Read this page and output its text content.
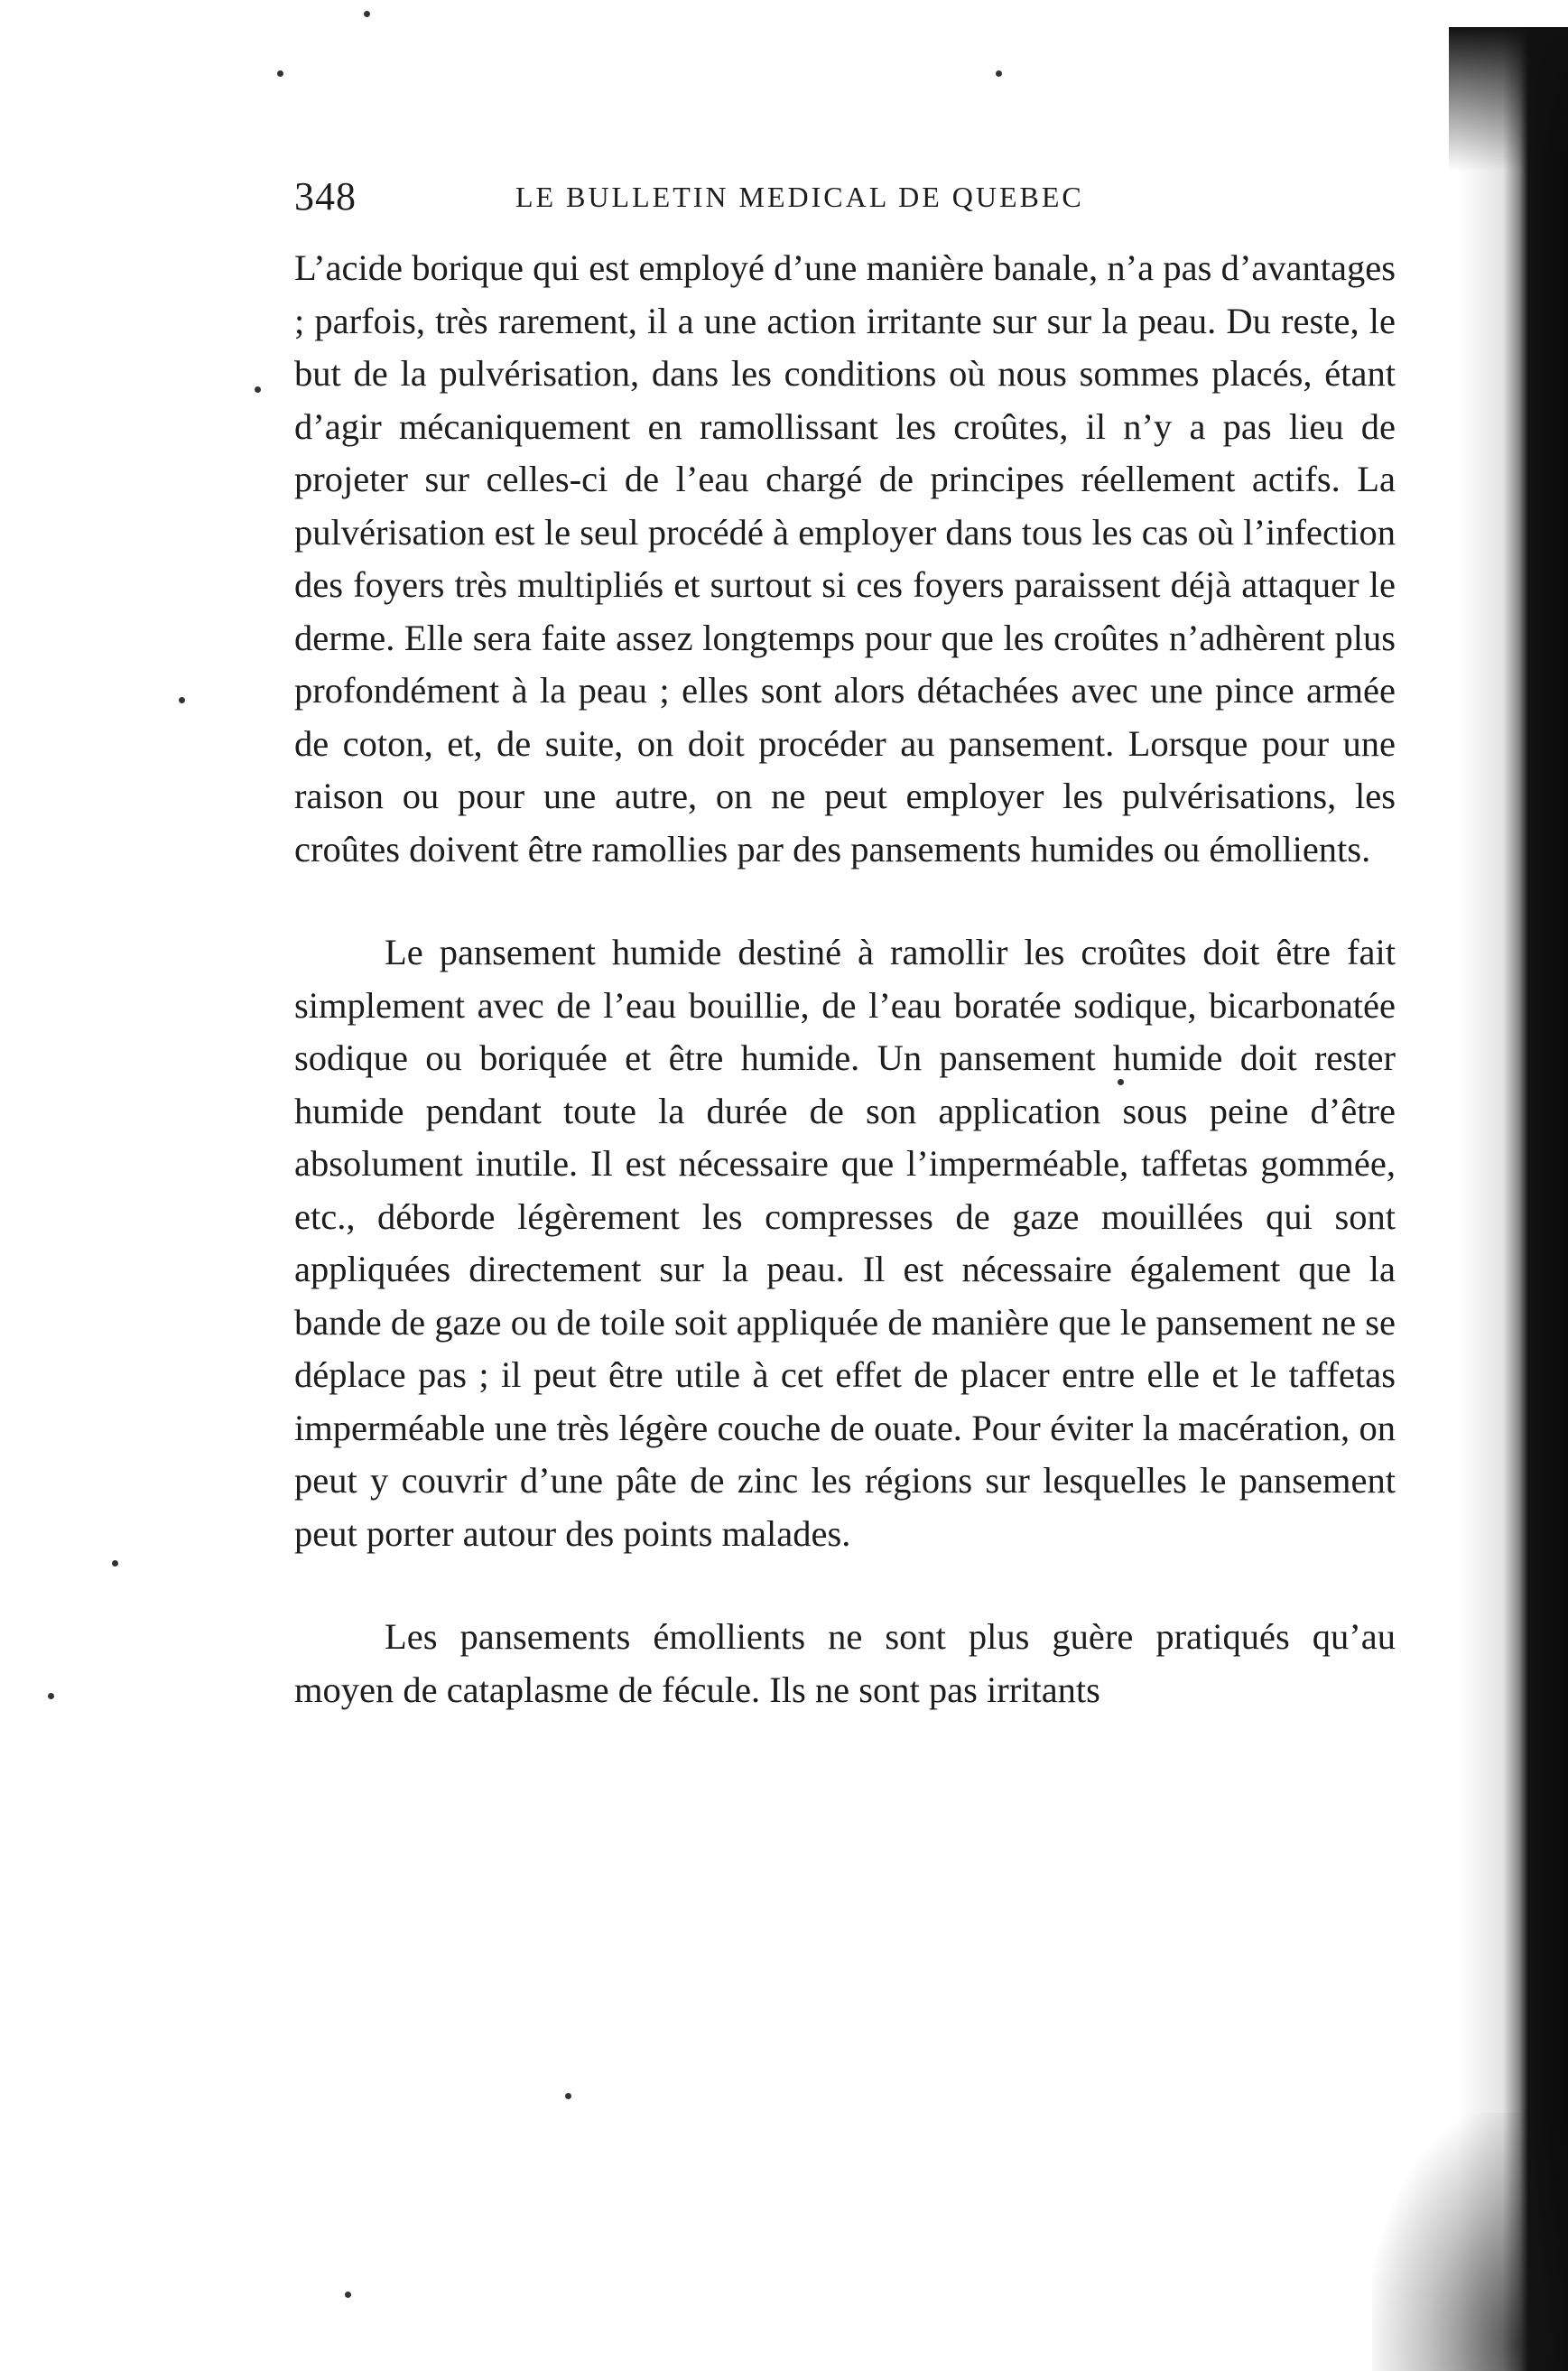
348	LE BULLETIN MEDICAL DE QUEBEC

L’acide borique qui est employé d’une manière banale, n’a pas d’avantages ; parfois, très rarement, il a une action irritante sur sur la peau. Du reste, le but de la pulvérisation, dans les conditions où nous sommes placés, étant d’agir mécaniquement en ramollissant les croûtes, il n’y a pas lieu de projeter sur celles-ci de l’eau chargé de principes réellement actifs. La pulvérisation est le seul procédé à employer dans tous les cas où l’infection des foyers très multipliés et surtout si ces foyers paraissent déjà attaquer le derme. Elle sera faite assez longtemps pour que les croûtes n’adhèrent plus profondément à la peau ; elles sont alors détachées avec une pince armée de coton, et, de suite, on doit procéder au pansement. Lorsque pour une raison ou pour une autre, on ne peut employer les pulvérisations, les croûtes doivent être ramollies par des pansements humides ou émollients.

Le pansement humide destiné à ramollir les croûtes doit être fait simplement avec de l’eau bouillie, de l’eau boratée sodique, bicarbonatée sodique ou boriquée et être humide. Un pansement humide doit rester humide pendant toute la durée de son application sous peine d’être absolument inutile. Il est nécessaire que l’imperméable, taffetas gommée, etc., déborde légèrement les compresses de gaze mouillées qui sont appliquées directement sur la peau. Il est nécessaire également que la bande de gaze ou de toile soit appliquée de manière que le pansement ne se déplace pas ; il peut être utile à cet effet de placer entre elle et le taffetas imperméable une très légère couche de ouate. Pour éviter la macération, on peut y couvrir d’une pâte de zinc les régions sur lesquelles le pansement peut porter autour des points malades.

Les pansements émollients ne sont plus guère pratiqués qu’au moyen de cataplasme de fécule. Ils ne sont pas irritants
